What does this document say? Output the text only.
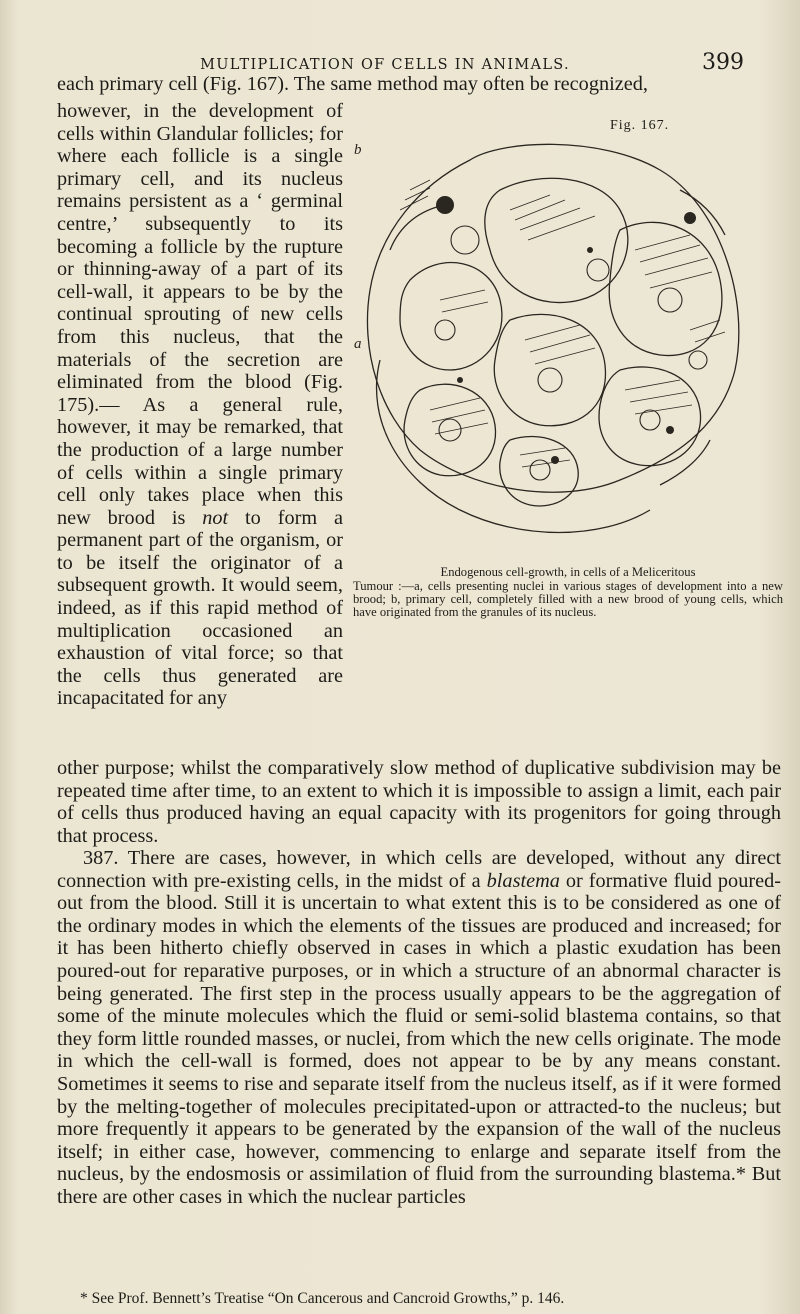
MULTIPLICATION OF CELLS IN ANIMALS.	399
each primary cell (Fig. 167). The same method may often be recognized,

however, in the development of cells within Glandular follicles; for where each follicle is a single primary cell, and its nucleus remains persistent as a ‘ germinal centre,’ subsequently to its becoming a follicle by the rupture or thinning-away of a part of its cell-wall, it appears to be by the continual sprouting of new cells from this nucleus, that the materials of the secretion are eliminated from the blood (Fig. 175).— As a general rule, however, it may be remarked, that the production of a large number of cells within a single primary cell only takes place when this new brood is not to form a permanent part of the organism, or to be itself the originator of a subsequent growth. It would seem, indeed, as if this rapid method of multiplication occasioned an exhaustion of vital force; so that the cells thus generated are incapacitated for any

Fig. 167.
b
a
Endogenous cell-growth, in cells of a Meliceritous
Tumour :—a, cells presenting nuclei in various stages of development into a new brood; b, primary cell, completely filled with a new brood of young cells, which have originated from the granules of its nucleus.
other purpose; whilst the comparatively slow method of duplicative subdivision may be repeated time after time, to an extent to which it is impossible to assign a limit, each pair of cells thus produced having an equal capacity with its progenitors for going through that process.
387. There are cases, however, in which cells are developed, without any direct connection with pre-existing cells, in the midst of a blastema or formative fluid poured-out from the blood. Still it is uncertain to what extent this is to be considered as one of the ordinary modes in which the elements of the tissues are produced and increased; for it has been hitherto chiefly observed in cases in which a plastic exudation has been poured-out for reparative purposes, or in which a structure of an abnormal character is being generated. The first step in the process usually appears to be the aggregation of some of the minute molecules which the fluid or semi-solid blastema contains, so that they form little rounded masses, or nuclei, from which the new cells originate. The mode in which the cell-wall is formed, does not appear to be by any means constant. Sometimes it seems to rise and separate itself from the nucleus itself, as if it were formed by the melting-together of molecules precipitated-upon or attracted-to the nucleus; but more frequently it appears to be generated by the expansion of the wall of the nucleus itself; in either case, however, commencing to enlarge and separate itself from the nucleus, by the endosmosis or assimilation of fluid from the surrounding blastema.* But there are other cases in which the nuclear particles
* See Prof. Bennett’s Treatise “On Cancerous and Cancroid Growths,” p. 146.
